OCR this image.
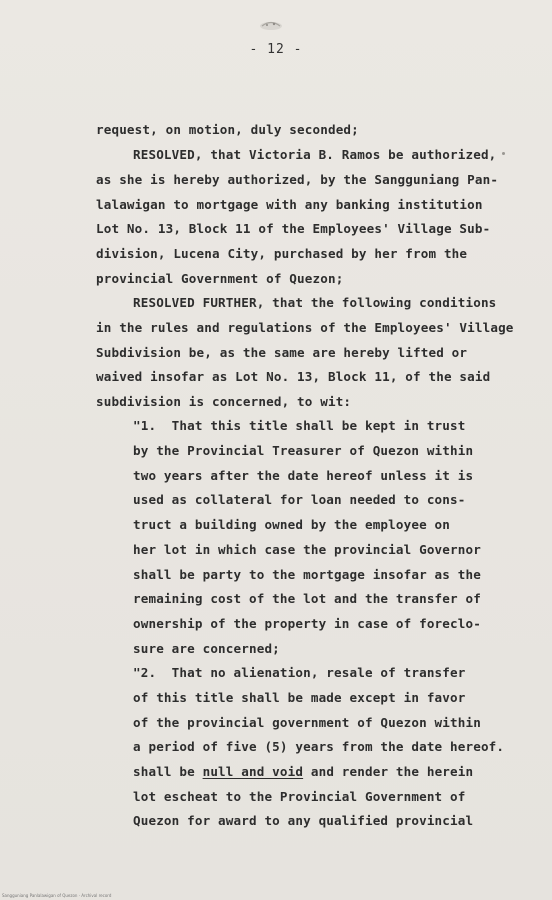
- 12 -
request, on motion, duly seconded;
RESOLVED, that Victoria B. Ramos be authorized,
as she is hereby authorized, by the Sangguniang Pan-
lalawigan to mortgage with any banking institution
Lot No. 13, Block 11 of the Employees' Village Sub-
division, Lucena City, purchased by her from the
provincial Government of Quezon;
RESOLVED FURTHER, that the following conditions
in the rules and regulations of the Employees' Village
Subdivision be, as the same are hereby lifted or
waived insofar as Lot No. 13, Block 11, of the said
subdivision is concerned, to wit:
"1.  That this title shall be kept in trust
by the Provincial Treasurer of Quezon within
two years after the date hereof unless it is
used as collateral for loan needed to cons-
truct a building owned by the employee on
her lot in which case the provincial Governor
shall be party to the mortgage insofar as the
remaining cost of the lot and the transfer of
ownership of the property in case of foreclo-
sure are concerned;
"2.  That no alienation, resale of transfer
of this title shall be made except in favor
of the provincial government of Quezon within
a period of five (5) years from the date hereof.
shall be null and void and render the herein
lot escheat to the Provincial Government of
Quezon for award to any qualified provincial
Sangguniang Panlalawigan of Quezon · Archival record
